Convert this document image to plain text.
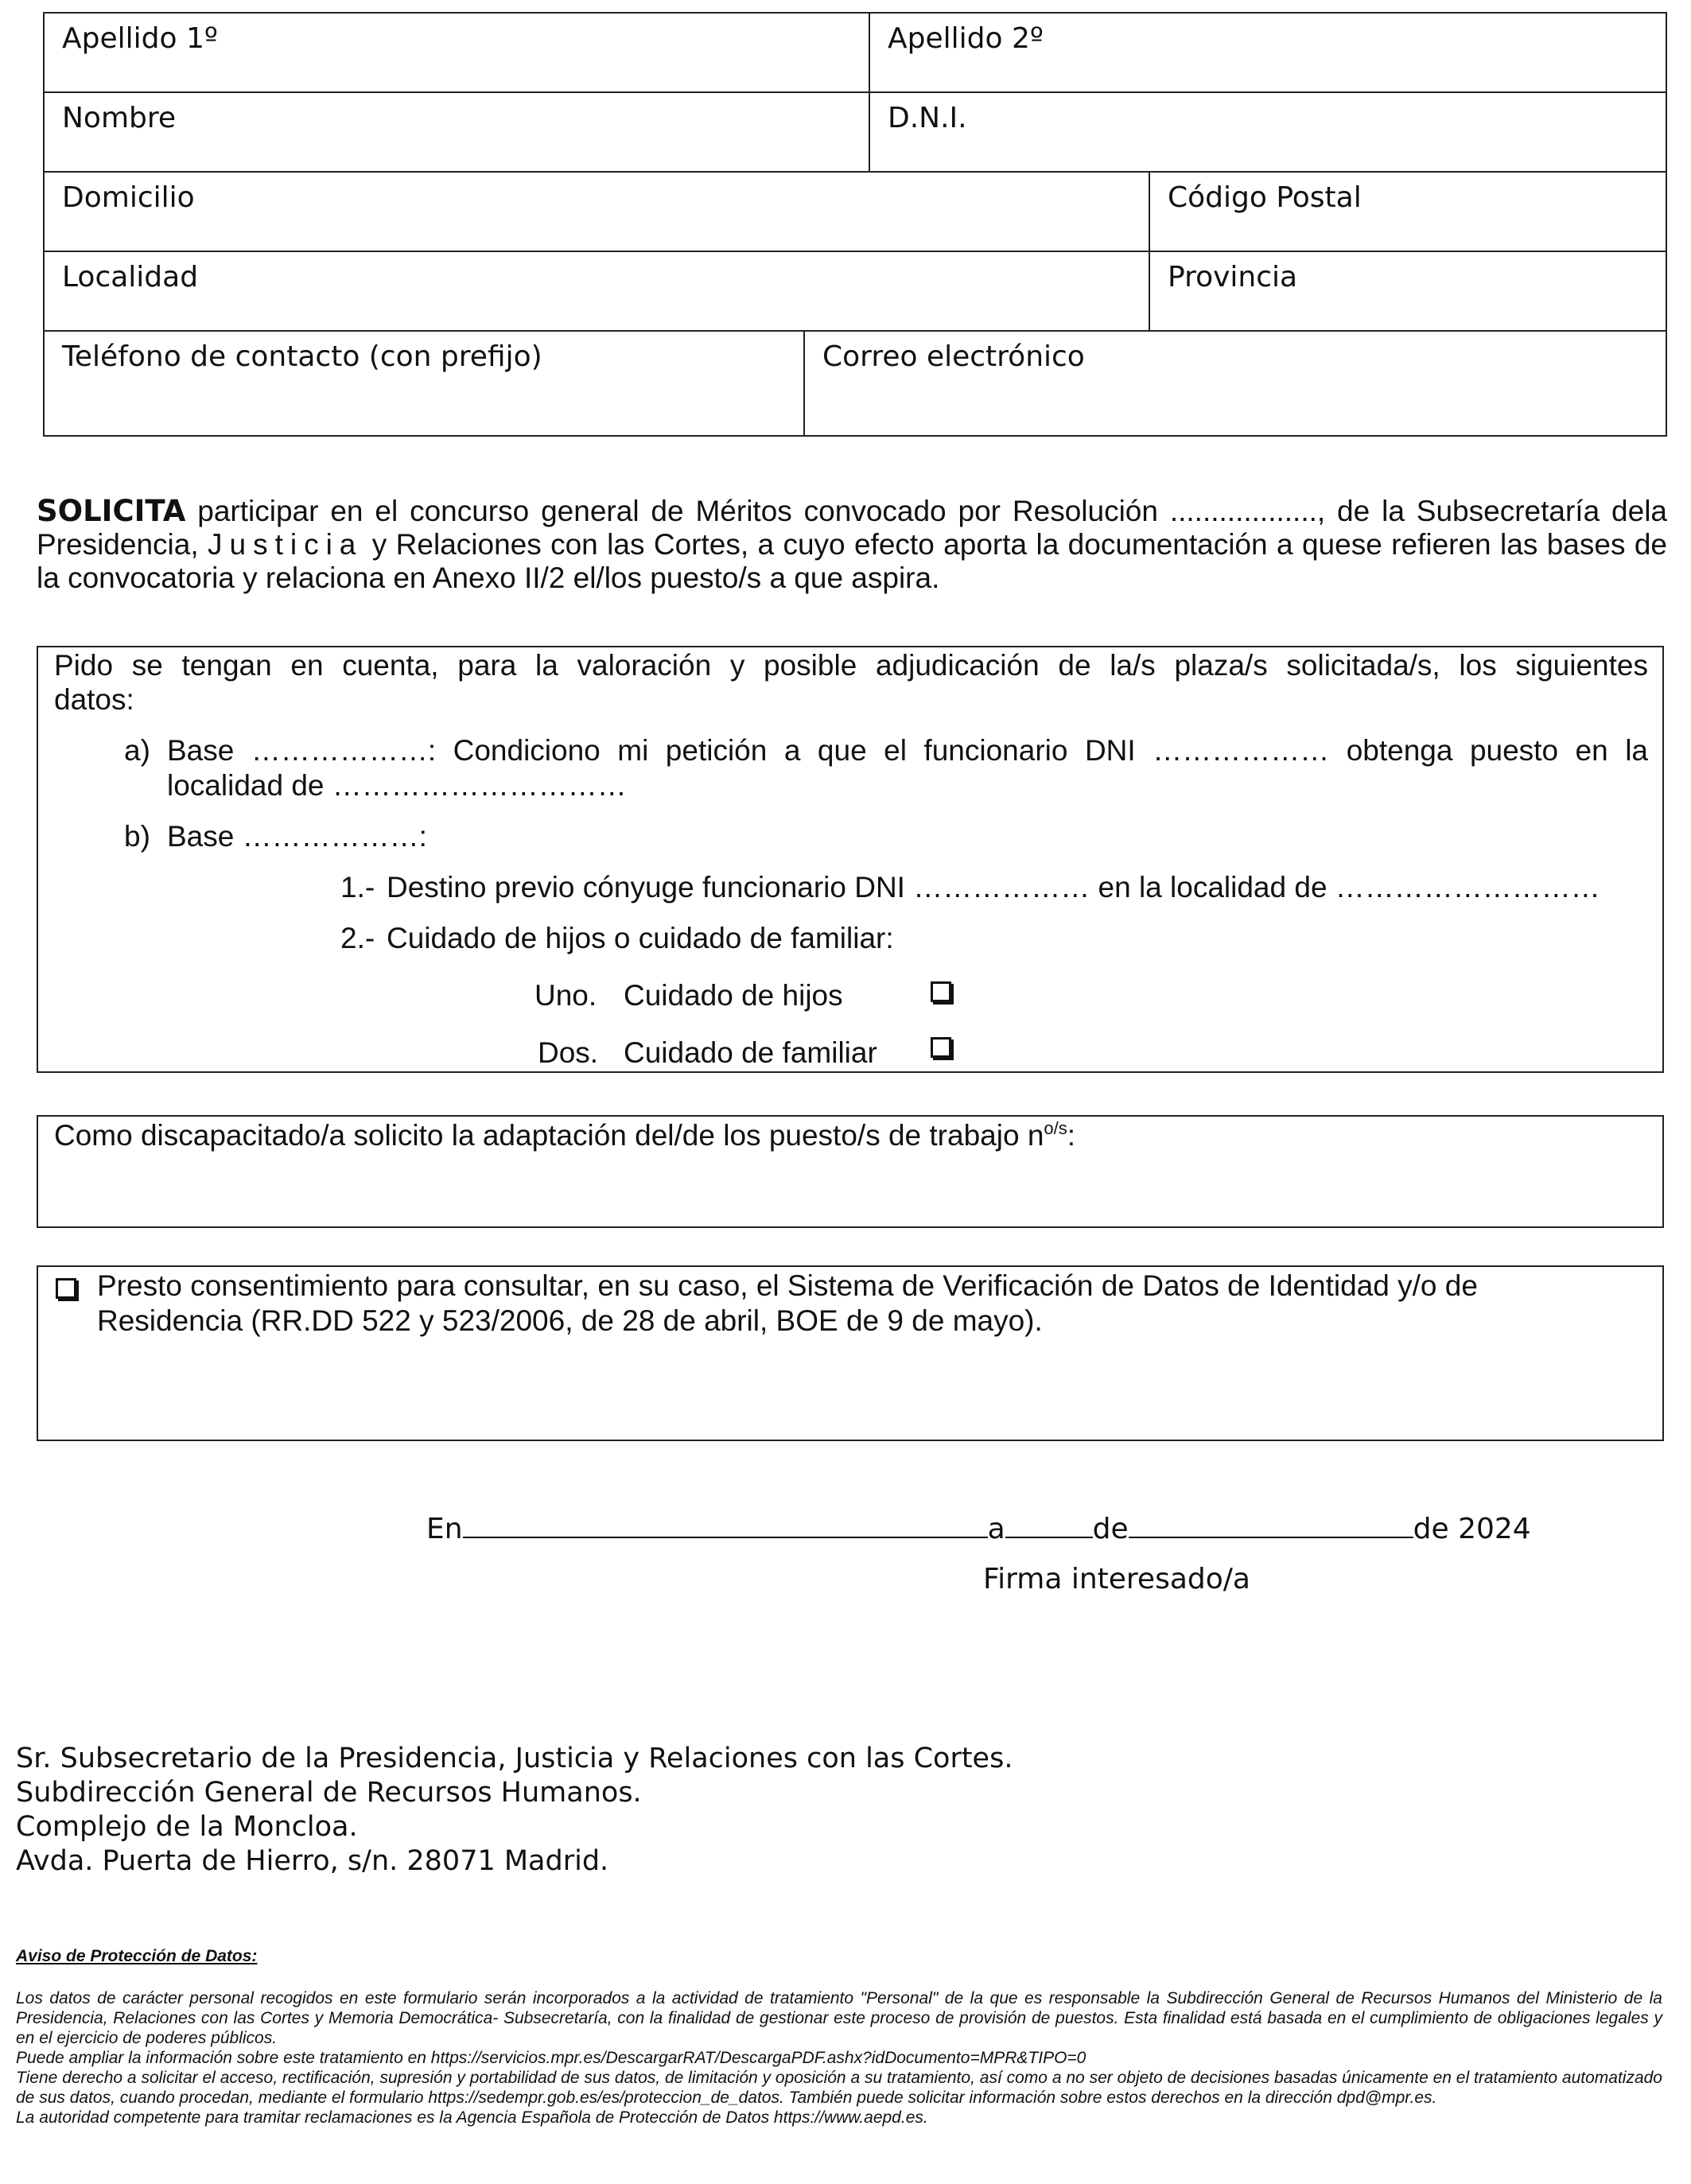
Apellido 1º	Apellido 2º
Nombre	D.N.I.
Domicilio	Código Postal
Localidad	Provincia
Teléfono de contacto (con prefijo)	Correo electrónico

SOLICITA participar en el concurso general de Méritos convocado por Resolución .................., de la Subsecretaría dela Presidencia, Justicia y Relaciones con las Cortes, a cuyo efecto aporta la documentación a quese refieren las bases de la convocatoria y relaciona en Anexo II/2 el/los puesto/s a que aspira.

Pido se tengan en cuenta, para la valoración y posible adjudicación de la/s plaza/s solicitada/s, los siguientes
datos:
a) Base ………………: Condiciono mi petición a que el funcionario DNI ……………… obtenga puesto en la
localidad de …………………………
b) Base ………………:
1.- Destino previo cónyuge funcionario DNI ……………… en la localidad de ………………………
2.- Cuidado de hijos o cuidado de familiar:
Uno. Cuidado de hijos
Dos. Cuidado de familiar
Como discapacitado/a solicito la adaptación del/de los puesto/s de trabajo $n^{o/s}$:
Presto consentimiento para consultar, en su caso, el Sistema de Verificación de Datos de Identidad y/o de
Residencia (RR.DD 522 y 523/2006, de 28 de abril, BOE de 9 de mayo).
En	a	de	de 2024
Firma interesado/a
Sr. Subsecretario de la Presidencia, Justicia y Relaciones con las Cortes.
Subdirección General de Recursos Humanos.
Complejo de la Moncloa.
Avda. Puerta de Hierro, s/n. 28071 Madrid.
Aviso de Protección de Datos:

Los datos de carácter personal recogidos en este formulario serán incorporados a la actividad de tratamiento "Personal" de la que es responsable la Subdirección General de Recursos Humanos del Ministerio de la Presidencia, Relaciones con las Cortes y Memoria Democrática- Subsecretaría, con la finalidad de gestionar este proceso de provisión de puestos. Esta finalidad está basada en el cumplimiento de obligaciones legales y en el ejercicio de poderes públicos.

Puede ampliar la información sobre este tratamiento en https://servicios.mpr.es/DescargarRAT/DescargaPDF.ashx?idDocumento=MPR&TIPO=0

Tiene derecho a solicitar el acceso, rectificación, supresión y portabilidad de sus datos, de limitación y oposición a su tratamiento, así como a no ser objeto de decisiones basadas únicamente en el tratamiento automatizado de sus datos, cuando procedan, mediante el formulario https://sedempr.gob.es/es/proteccion_de_datos. También puede solicitar información sobre estos derechos en la dirección dpd@mpr.es.

La autoridad competente para tramitar reclamaciones es la Agencia Española de Protección de Datos https://www.aepd.es.
